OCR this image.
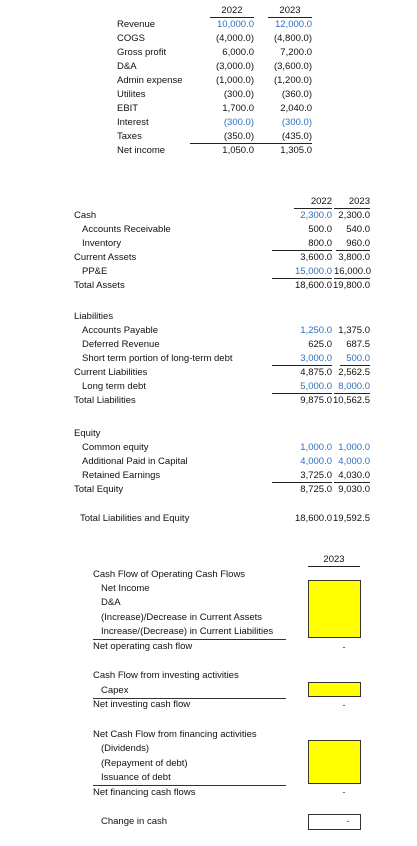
2022	2023
Revenue	10,000.0	12,000.0
COGS	(4,000.0)	(4,800.0)
Gross profit	6,000.0	7,200.0
D&A	(3,000.0)	(3,600.0)
Admin expense	(1,000.0)	(1,200.0)
Utilites	(300.0)	(360.0)
EBIT	1,700.0	2,040.0
Interest	(300.0)	(300.0)
Taxes	(350.0)	(435.0)
Net income	1,050.0	1,305.0
2022	2023
Cash	2,300.0 2,300.0
Accounts Receivable	500.0	540.0
Inventory	800.0	960.0
Current Assets	3,600.0 3,800.0
PP&E	15,000.0 16,000.0
Total Assets	18,600.0 19,800.0
Liabilities
Accounts Payable	1,250.0 1,375.0
Deferred Revenue	625.0	687.5
Short term portion of long-term debt	3,000.0	500.0
Current Liabilities	4,875.0 2,562.5
Long term debt	5,000.0 8,000.0
Total Liabilities	9,875.0 10,562.5
Equity
Common equity	1,000.0 1,000.0
Additional Paid in Capital	4,000.0 4,000.0
Retained Earnings	3,725.0 4,030.0
Total Equity	8,725.0 9,030.0
Total Liabilities and Equity	18,600.0 19,592.5
2023
Cash Flow of Operating Cash Flows
Net Income
D&A
(Increase)/Decrease in Current Assets
Increase/(Decrease) in Current Liabilities
Net operating cash flow	-
Cash Flow from investing activities
Capex
Net investing cash flow	-
Net Cash Flow from financing activities
(Dividends)
(Repayment of debt)
Issuance of debt
Net financing cash flows	-
Change in cash	-
